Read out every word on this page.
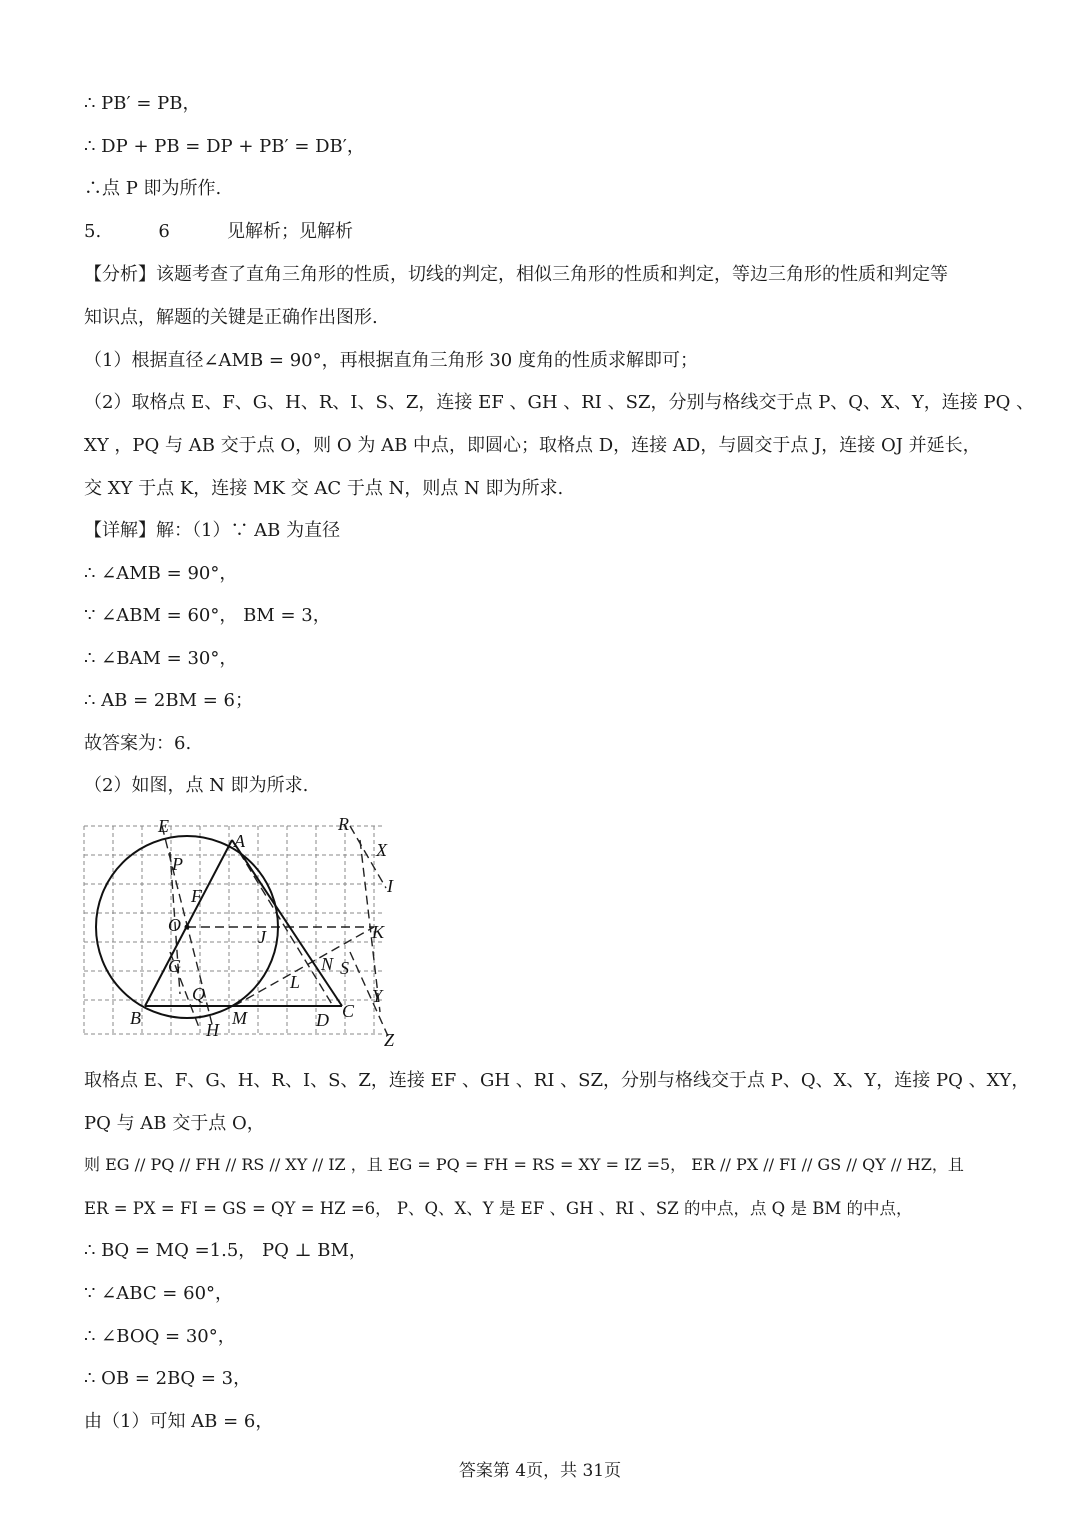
∴ PB′ = PB，
∴ DP + PB = DP + PB′ = DB′，
∴点 P 即为所作.
5.          6          见解析；见解析
【分析】该题考查了直角三角形的性质，切线的判定，相似三角形的性质和判定，等边三角形的性质和判定等
知识点，解题的关键是正确作出图形.
（1）根据直径∠AMB = 90°，再根据直角三角形 30 度角的性质求解即可；
（2）取格点 E、F、G、H、R、I、S、Z，连接 EF 、GH 、RI 、SZ，分别与格线交于点 P、Q、X、Y，连接 PQ 、
XY ，PQ 与 AB 交于点 O，则 O 为 AB 中点，即圆心；取格点 D，连接 AD，与圆交于点 J，连接 OJ 并延长，
交 XY 于点 K，连接 MK 交 AC 于点 N，则点 N 即为所求.
【详解】解：（1）∵ AB 为直径
∴ ∠AMB = 90°，
∵ ∠ABM = 60°， BM = 3，
∴ ∠BAM = 30°，
∴ AB = 2BM = 6；
故答案为：6.
（2）如图，点 N 即为所求.
E
A
R
P
X
I
F
O
J	K
G	N S
L
Q	Y
B	M	D C
H	Z
取格点 E、F、G、H、R、I、S、Z，连接 EF 、GH 、RI 、SZ，分别与格线交于点 P、Q、X、Y，连接 PQ 、XY，
PQ 与 AB 交于点 O，
则 EG // PQ // FH // RS // XY // IZ ，且 EG = PQ = FH = RS = XY = IZ =5， ER // PX // FI // GS // QY // HZ，且
ER = PX = FI = GS = QY = HZ =6， P、Q、X、Y 是 EF 、GH 、RI 、SZ 的中点，点 Q 是 BM 的中点，
∴ BQ = MQ =1.5， PQ ⊥ BM，
∵ ∠ABC = 60°，
∴ ∠BOQ = 30°，
∴ OB = 2BQ = 3，
由（1）可知 AB = 6，
答案第 4页，共 31页
